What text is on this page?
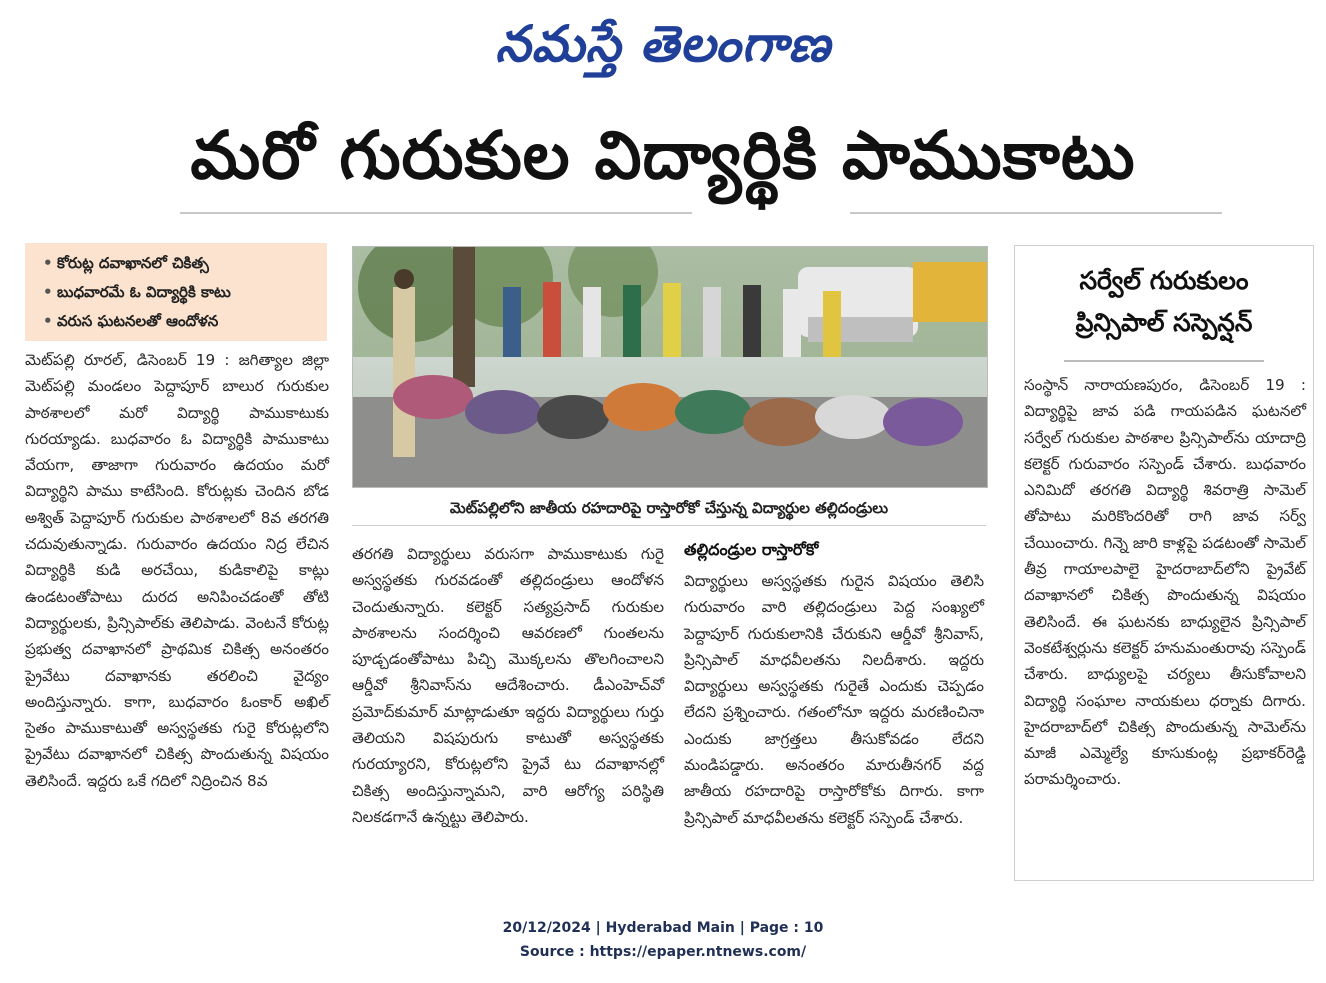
నమస్తే తెలంగాణ
మరో గురుకుల విద్యార్థికి పాముకాటు
• కోరుట్ల దవాఖానలో చికిత్స
• బుధవారమే ఓ విద్యార్థికి కాటు
• వరుస ఘటనలతో ఆందోళన
మెట్‌పల్లి రూరల్, డిసెంబర్ 19 : జగిత్యాల జిల్లా మెట్‌పల్లి మండలం పెద్దాపూర్ బాలుర గురుకుల పాఠశాలలో మరో విద్యార్థి పాముకాటుకు గురయ్యాడు. బుధవారం ఓ విద్యార్థికి పాముకాటు వేయగా, తాజాగా గురువారం ఉదయం మరో విద్యార్థిని పాము కాటేసింది. కోరుట్లకు చెందిన బోడ అశ్విత్ పెద్దాపూర్ గురుకుల పాఠశాలలో 8వ తరగతి చదువుతున్నాడు. గురువారం ఉదయం నిద్ర లేచిన విద్యార్థికి కుడి అరచేయి, కుడికాలిపై కాట్లు ఉండటంతోపాటు దురద అనిపించడంతో తోటి విద్యార్థులకు, ప్రిన్సిపాల్‌కు తెలిపాడు. వెంటనే కోరుట్ల ప్రభుత్వ దవాఖానలో ప్రాథమిక చికిత్స అనంతరం ప్రైవేటు దవాఖానకు తరలించి వైద్యం అందిస్తున్నారు. కాగా, బుధవారం ఓంకార్ అఖిల్ సైతం పాముకాటుతో అస్వస్థతకు గురై కోరుట్లలోని ప్రైవేటు దవాఖానలో చికిత్స పొందుతున్న విషయం తెలిసిందే. ఇద్దరు ఒకే గదిలో నిద్రించిన 8వ
మెట్‌పల్లిలోని జాతీయ రహదారిపై రాస్తారోకో చేస్తున్న విద్యార్థుల తల్లిదండ్రులు
తరగతి విద్యార్థులు వరుసగా పాముకాటుకు గురై అస్వస్థతకు గురవడంతో తల్లిదండ్రులు ఆందోళన చెందుతున్నారు. కలెక్టర్ సత్యప్రసాద్ గురుకుల పాఠశాలను సందర్శించి ఆవరణలో గుంతలను పూడ్చడంతోపాటు పిచ్చి మొక్కలను తొలగించాలని ఆర్డీవో శ్రీనివాస్‌ను ఆదేశించారు. డీఎంహెచ్‌వో ప్రమోద్‌కుమార్ మాట్లాడుతూ ఇద్దరు విద్యార్థులు గుర్తు తెలియని విషపురుగు కాటుతో అస్వస్థతకు గురయ్యారని, కోరుట్లలోని ప్రైవే టు దవాఖానల్లో చికిత్స అందిస్తున్నామని, వారి ఆరోగ్య పరిస్థితి నిలకడగానే ఉన్నట్టు తెలిపారు.
తల్లిదండ్రుల రాస్తారోకో
విద్యార్థులు అస్వస్థతకు గురైన విషయం తెలిసి గురువారం వారి తల్లిదండ్రులు పెద్ద సంఖ్యలో పెద్దాపూర్ గురుకులానికి చేరుకుని ఆర్డీవో శ్రీనివాస్, ప్రిన్సిపాల్ మాధవీలతను నిలదీశారు. ఇద్దరు విద్యార్థులు అస్వస్థతకు గురైతే ఎందుకు చెప్పడం లేదని ప్రశ్నించారు. గతంలోనూ ఇద్దరు మరణించినా ఎందుకు జాగ్రత్తలు తీసుకోవడం లేదని మండిపడ్డారు. అనంతరం మారుతీనగర్ వద్ద జాతీయ రహదారిపై రాస్తారోకోకు దిగారు. కాగా ప్రిన్సిపాల్ మాధవీలతను కలెక్టర్ సస్పెండ్ చేశారు.
సర్వేల్ గురుకులం
ప్రిన్సిపాల్ సస్పెన్షన్
సంస్థాన్ నారాయణపురం, డిసెంబర్ 19 : విద్యార్థిపై జావ పడి గాయపడిన ఘటనలో సర్వేల్ గురుకుల పాఠశాల ప్రిన్సిపాల్‌ను యాదాద్రి కలెక్టర్ గురువారం సస్పెండ్ చేశారు. బుధవారం ఎనిమిదో తరగతి విద్యార్థి శివరాత్రి సామెల్ తోపాటు మరికొందరితో రాగి జావ సర్వ్ చేయించారు. గిన్నె జారి కాళ్లపై పడటంతో సామెల్ తీవ్ర గాయాలపాలై హైదరాబాద్‌లోని ప్రైవేట్ దవాఖానలో చికిత్స పొందుతున్న విషయం తెలిసిందే. ఈ ఘటనకు బాధ్యులైన ప్రిన్సిపాల్ వెంకటేశ్వర్లును కలెక్టర్ హనుమంతురావు సస్పెండ్ చేశారు. బాధ్యులపై చర్యలు తీసుకోవాలని విద్యార్థి సంఘాల నాయకులు ధర్నాకు దిగారు. హైదరాబాద్‌లో చికిత్స పొందుతున్న సామెల్‌ను మాజీ ఎమ్మెల్యే కూసుకుంట్ల ప్రభాకర్‌రెడ్డి పరామర్శించారు.
20/12/2024 | Hyderabad Main | Page : 10
Source : https://epaper.ntnews.com/
